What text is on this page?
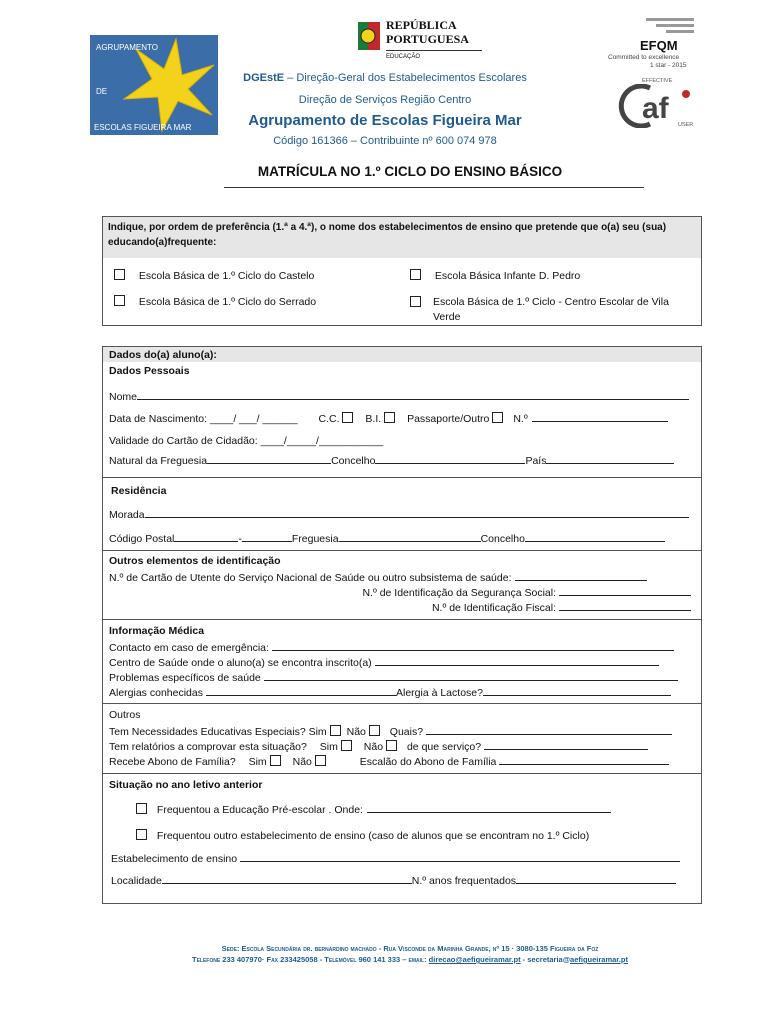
AGRUPAMENTO
DE
ESCOLAS FIGUEIRA MAR
REPÚBLICA
PORTUGUESA
EDUCAÇÃO
EFQM
Committed to excellence
1 star - 2015
EFFECTIVE
af USER
DGEstE – Direção-Geral dos Estabelecimentos Escolares
Direção de Serviços Região Centro
Agrupamento de Escolas Figueira Mar
Código 161366 – Contribuinte nº 600 074 978
MATRÍCULA NO 1.º CICLO DO ENSINO BÁSICO
Indique, por ordem de preferência (1.ª a 4.ª), o nome dos estabelecimentos de ensino que pretende que o(a) seu (sua) educando(a)frequente:
Escola Básica de 1.º Ciclo do Castelo	Escola Básica Infante D. Pedro
Escola Básica de 1.º Ciclo do Serrado	Escola Básica de 1.º Ciclo - Centro Escolar de Vila Verde
Dados do(a) aluno(a):
Dados Pessoais
Nome
Data de Nascimento: ____/ ___/ ______ C.C. B.I. Passaporte/Outro N.º
Validade do Cartão de Cidadão: ____/_____/___________
Natural da Freguesia	Concelho	País
Residência
Morada
Código Postal	-	Freguesia	Concelho
Outros elementos de identificação
N.º de Cartão de Utente do Serviço Nacional de Saúde ou outro subsistema de saúde:
N.º de Identificação da Segurança Social:
N.º de Identificação Fiscal:
Informação Médica
Contacto em caso de emergência:
Centro de Saúde onde o aluno(a) se encontra inscrito(a)
Problemas específicos de saúde
Alergias conhecidas	Alergia à Lactose?
Outros
Tem Necessidades Educativas Especiais? Sim Não Quais?
Tem relatórios a comprovar esta situação? Sim Não de que serviço?
Recebe Abono de Família? Sim Não	Escalão do Abono de Família
Situação no ano letivo anterior
Frequentou a Educação Pré-escolar . Onde:
Frequentou outro estabelecimento de ensino (caso de alunos que se encontram no 1.º Ciclo)
Estabelecimento de ensino
Localidade	N.º anos frequentados
Sede: Escola Secundária dr. bernardino machado - Rua Visconde da Marinha Grande, nº 15 · 3080-135 Figueira da Foz
Telefone 233 407970· Fax 233425058 - Telemóvel 960 141 333 – email: direcao@aefigueiramar.pt - secretaria@aefigueiramar.pt
